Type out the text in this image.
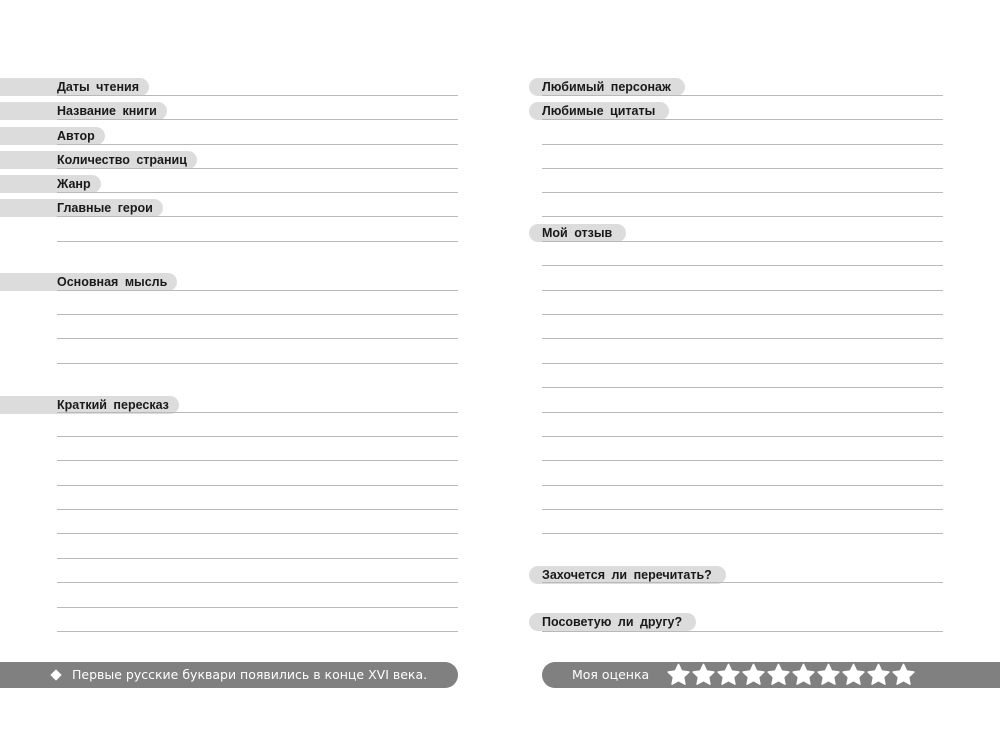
Даты чтения
Название книги
Автор
Количество страниц
Жанр
Главные герои
Основная мысль
Краткий пересказ
Первые русские буквари появились в конце XVI века.
Любимый персонаж
Любимые цитаты
Мой отзыв
Захочется ли перечитать?
Посоветую ли другу?
Моя оценка
